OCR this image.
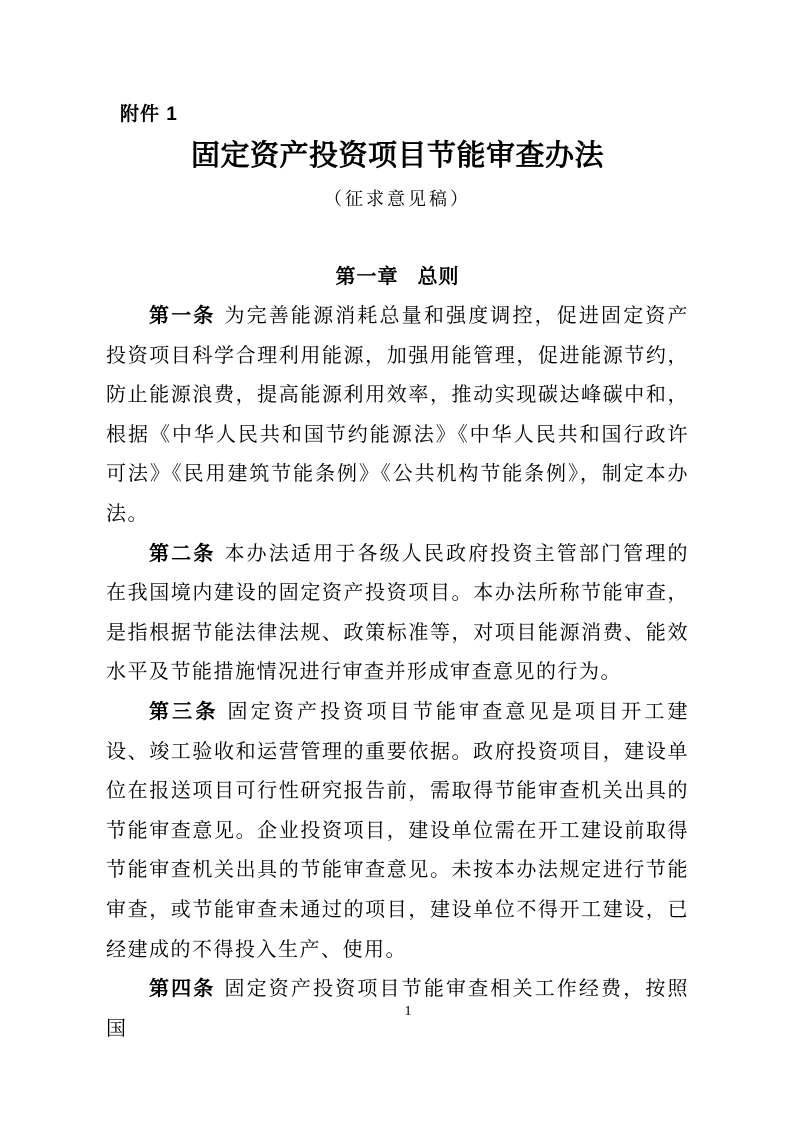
附件 1
固定资产投资项目节能审查办法
（征求意见稿）
第一章 总则

第一条 为完善能源消耗总量和强度调控，促进固定资产投资项目科学合理利用能源，加强用能管理，促进能源节约，防止能源浪费，提高能源利用效率，推动实现碳达峰碳中和，根据《中华人民共和国节约能源法》《中华人民共和国行政许可法》《民用建筑节能条例》《公共机构节能条例》，制定本办法。

第二条 本办法适用于各级人民政府投资主管部门管理的在我国境内建设的固定资产投资项目。本办法所称节能审查，是指根据节能法律法规、政策标准等，对项目能源消费、能效水平及节能措施情况进行审查并形成审查意见的行为。

第三条 固定资产投资项目节能审查意见是项目开工建设、竣工验收和运营管理的重要依据。政府投资项目，建设单位在报送项目可行性研究报告前，需取得节能审查机关出具的节能审查意见。企业投资项目，建设单位需在开工建设前取得节能审查机关出具的节能审查意见。未按本办法规定进行节能审查，或节能审查未通过的项目，建设单位不得开工建设，已经建成的不得投入生产、使用。

第四条 固定资产投资项目节能审查相关工作经费，按照国

1
